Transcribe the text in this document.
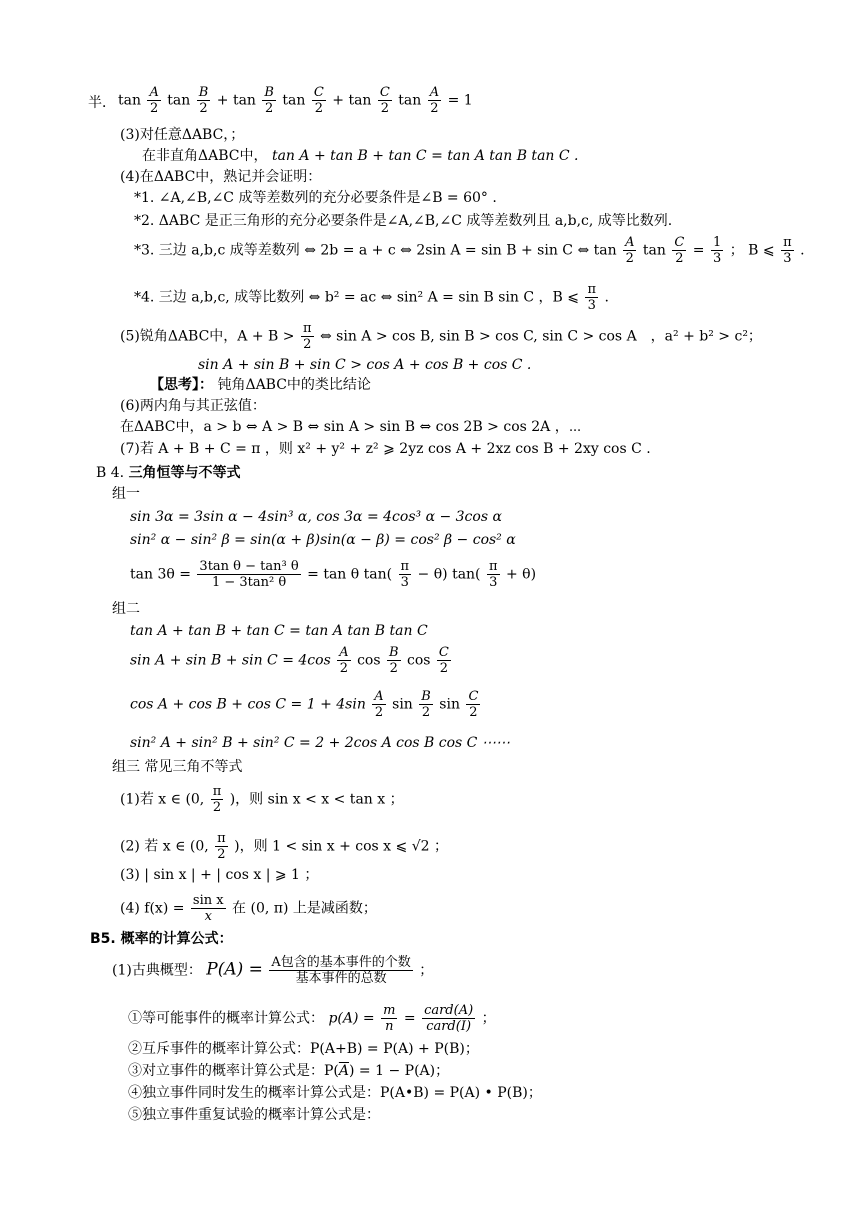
半． $\tan \frac{A}{2}$ $\tan \frac{B}{2} + \tan \frac{B}{2}$ $\tan \frac{C}{2} + \tan \frac{C}{2}$ $\tan \frac{A}{2} = 1$
(3)对任意ΔABC，；
在非直角ΔABC中， tan A + tan B + tan C = tan A tan B tan C .
(4)在ΔABC中，熟记并会证明：
*1. ∠A,∠B,∠C 成等差数列的充分必要条件是∠B = 60° .
*2. ΔABC 是正三角形的充分必要条件是∠A,∠B,∠C 成等差数列且 a,b,c, 成等比数列.
*3. 三边 a,b,c 成等差数列 ⇔ 2b = a + c ⇔ 2sin A = sin B + sin C ⇔ $\tan \frac{A}{2}$ $\tan \frac{C}{2} = \frac{1}{3}$ ； B ⩽ $\frac{\pi}{3}$ .
*4. 三边 a,b,c, 成等比数列 ⇔ b² = ac ⇔ sin² A = sin B sin C ，B ⩽ $\frac{\pi}{3}$ .
(5)锐角ΔABC中，$A + B > \frac{\pi}{2}$ ⇔ sin A > cos B, sin B > cos C, sin C > cos A　，a² + b² > c²；
sin A + sin B + sin C > cos A + cos B + cos C .
【思考】： 钝角ΔABC中的类比结论
(6)两内角与其正弦值：
在ΔABC中，a > b ⇔ A > B ⇔ sin A > sin B ⇔ cos 2B > cos 2A ，⋯
(7)若 A + B + C = π ，则 x² + y² + z² ⩾ 2yz cos A + 2xz cos B + 2xy cos C .
B 4. 三角恒等与不等式
组一
sin 3α = 3sin α − 4sin³ α, cos 3α = 4cos³ α − 3cos α
sin² α − sin² β = sin(α + β)sin(α − β) = cos² β − cos² α
$\tan 3\theta = \frac{\text{3tan θ − tan³ θ}}{\text{1 − 3tan² θ}} = \tan \theta$ $\tan( \frac{\pi}{3} - \theta)$ $\tan( \frac{\pi}{3} + \theta)$
组二
tan A + tan B + tan C = tan A tan B tan C
$\sin A + \sin B + \sin C = 4\cos \frac{A}{2}$ $\cos \frac{B}{2}$ $\cos \frac{C}{2}$
$\cos A + \cos B + \cos C = 1 + 4\sin \frac{A}{2}$ $\sin \frac{B}{2}$ $\sin \frac{C}{2}$
sin² A + sin² B + sin² C = 2 + 2cos A cos B cos C ⋯⋯
组三 常见三角不等式
(1)若 x ∈ (0, $\frac{\pi}{2}$ )，则 sin x < x < tan x ；
(2) 若 x ∈ (0, $\frac{\pi}{2}$ )，则 1 < sin x + cos x ⩽ √2 ；
(3) | sin x | + | cos x | ⩾ 1 ；
(4) $f(x) = \frac{\text{sin x}}{x}$ 在 (0, π) 上是减函数；
B5. 概率的计算公式：
(1)古典概型： $P(A) = \frac{\text{A包含的基本事件的个数}}{\text{基本事件的总数}}$ ；
①等可能事件的概率计算公式： $p(A) = \frac{m}{n} = \frac{\text{card(A)}}{\text{card(I)}}$ ；
②互斥事件的概率计算公式：P(A+B) = P(A) + P(B)；
③对立事件的概率计算公式是：$P(\overline{A}) = 1 - P(A)$；
④独立事件同时发生的概率计算公式是：P(A•B) = P(A) • P(B)；
⑤独立事件重复试验的概率计算公式是：
